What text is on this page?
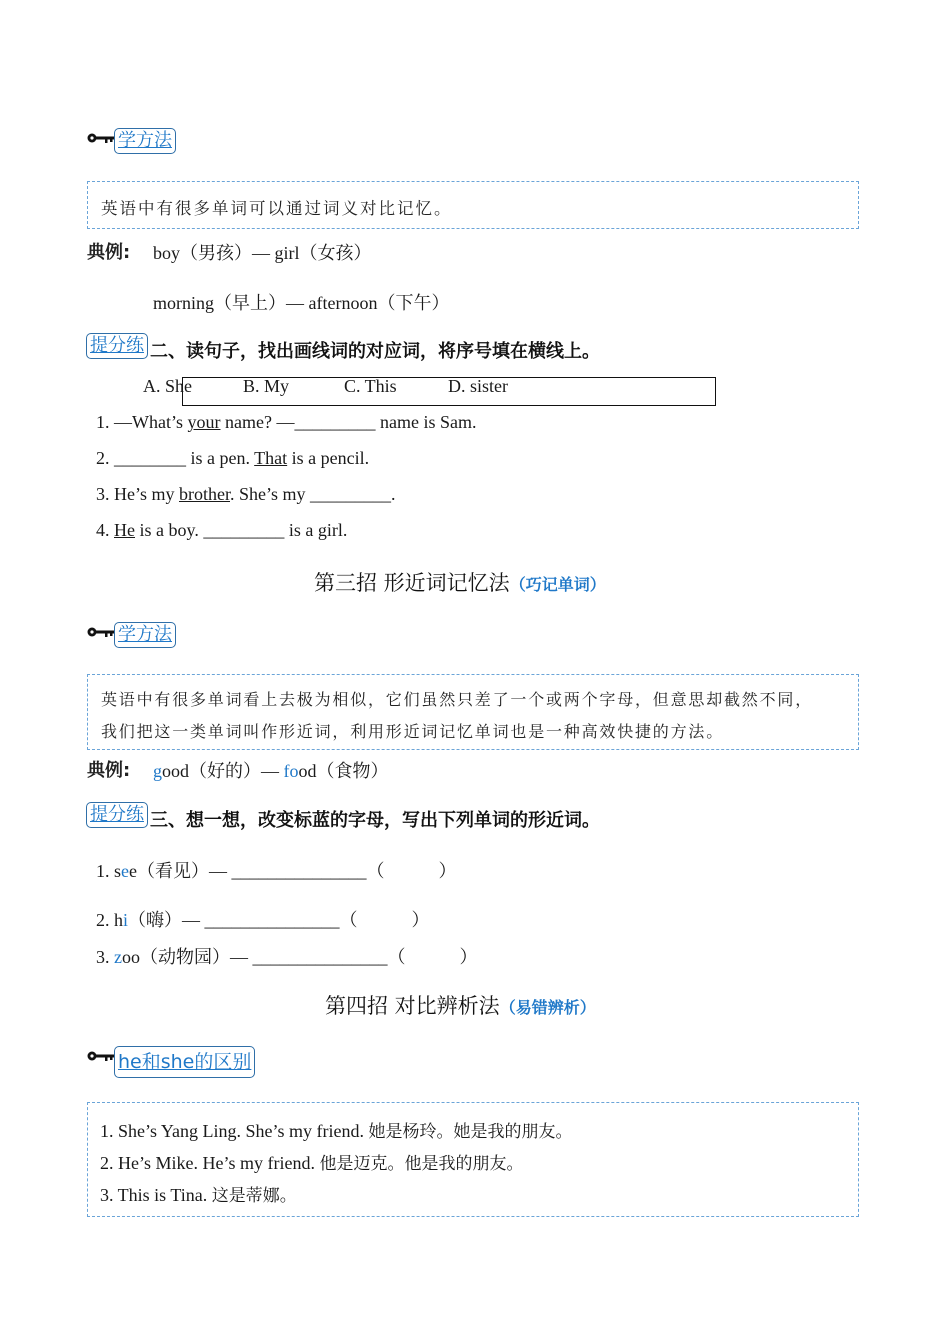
学方法
英语中有很多单词可以通过词义对比记忆。
典例: boy（男孩）— girl（女孩）
morning（早上）— afternoon（下午）
提分练 二、读句子，找出画线词的对应词，将序号填在横线上。
A. She	B. My	C. This	D. sister
1. —What’s your name? —_________ name is Sam.
2. ________ is a pen. That is a pencil.
3. He’s my brother. She’s my _________.
4. He is a boy. _________ is a girl.
第三招 形近词记忆法（巧记单词）
学方法
英语中有很多单词看上去极为相似，它们虽然只差了一个或两个字母，但意思却截然不同，
我们把这一类单词叫作形近词，利用形近词记忆单词也是一种高效快捷的方法。
典例: good（好的）— food（食物）
提分练 三、想一想，改变标蓝的字母，写出下列单词的形近词。
1. see（看见）— _______________（　　　）
2. hi（嗨）— _______________（　　　）
3. zoo（动物园）— _______________（　　　）
第四招 对比辨析法（易错辨析）
he和she的区别
1. She’s Yang Ling. She’s my friend. 她是杨玲。她是我的朋友。
2. He’s Mike. He’s my friend. 他是迈克。他是我的朋友。
3. This is Tina. 这是蒂娜。
